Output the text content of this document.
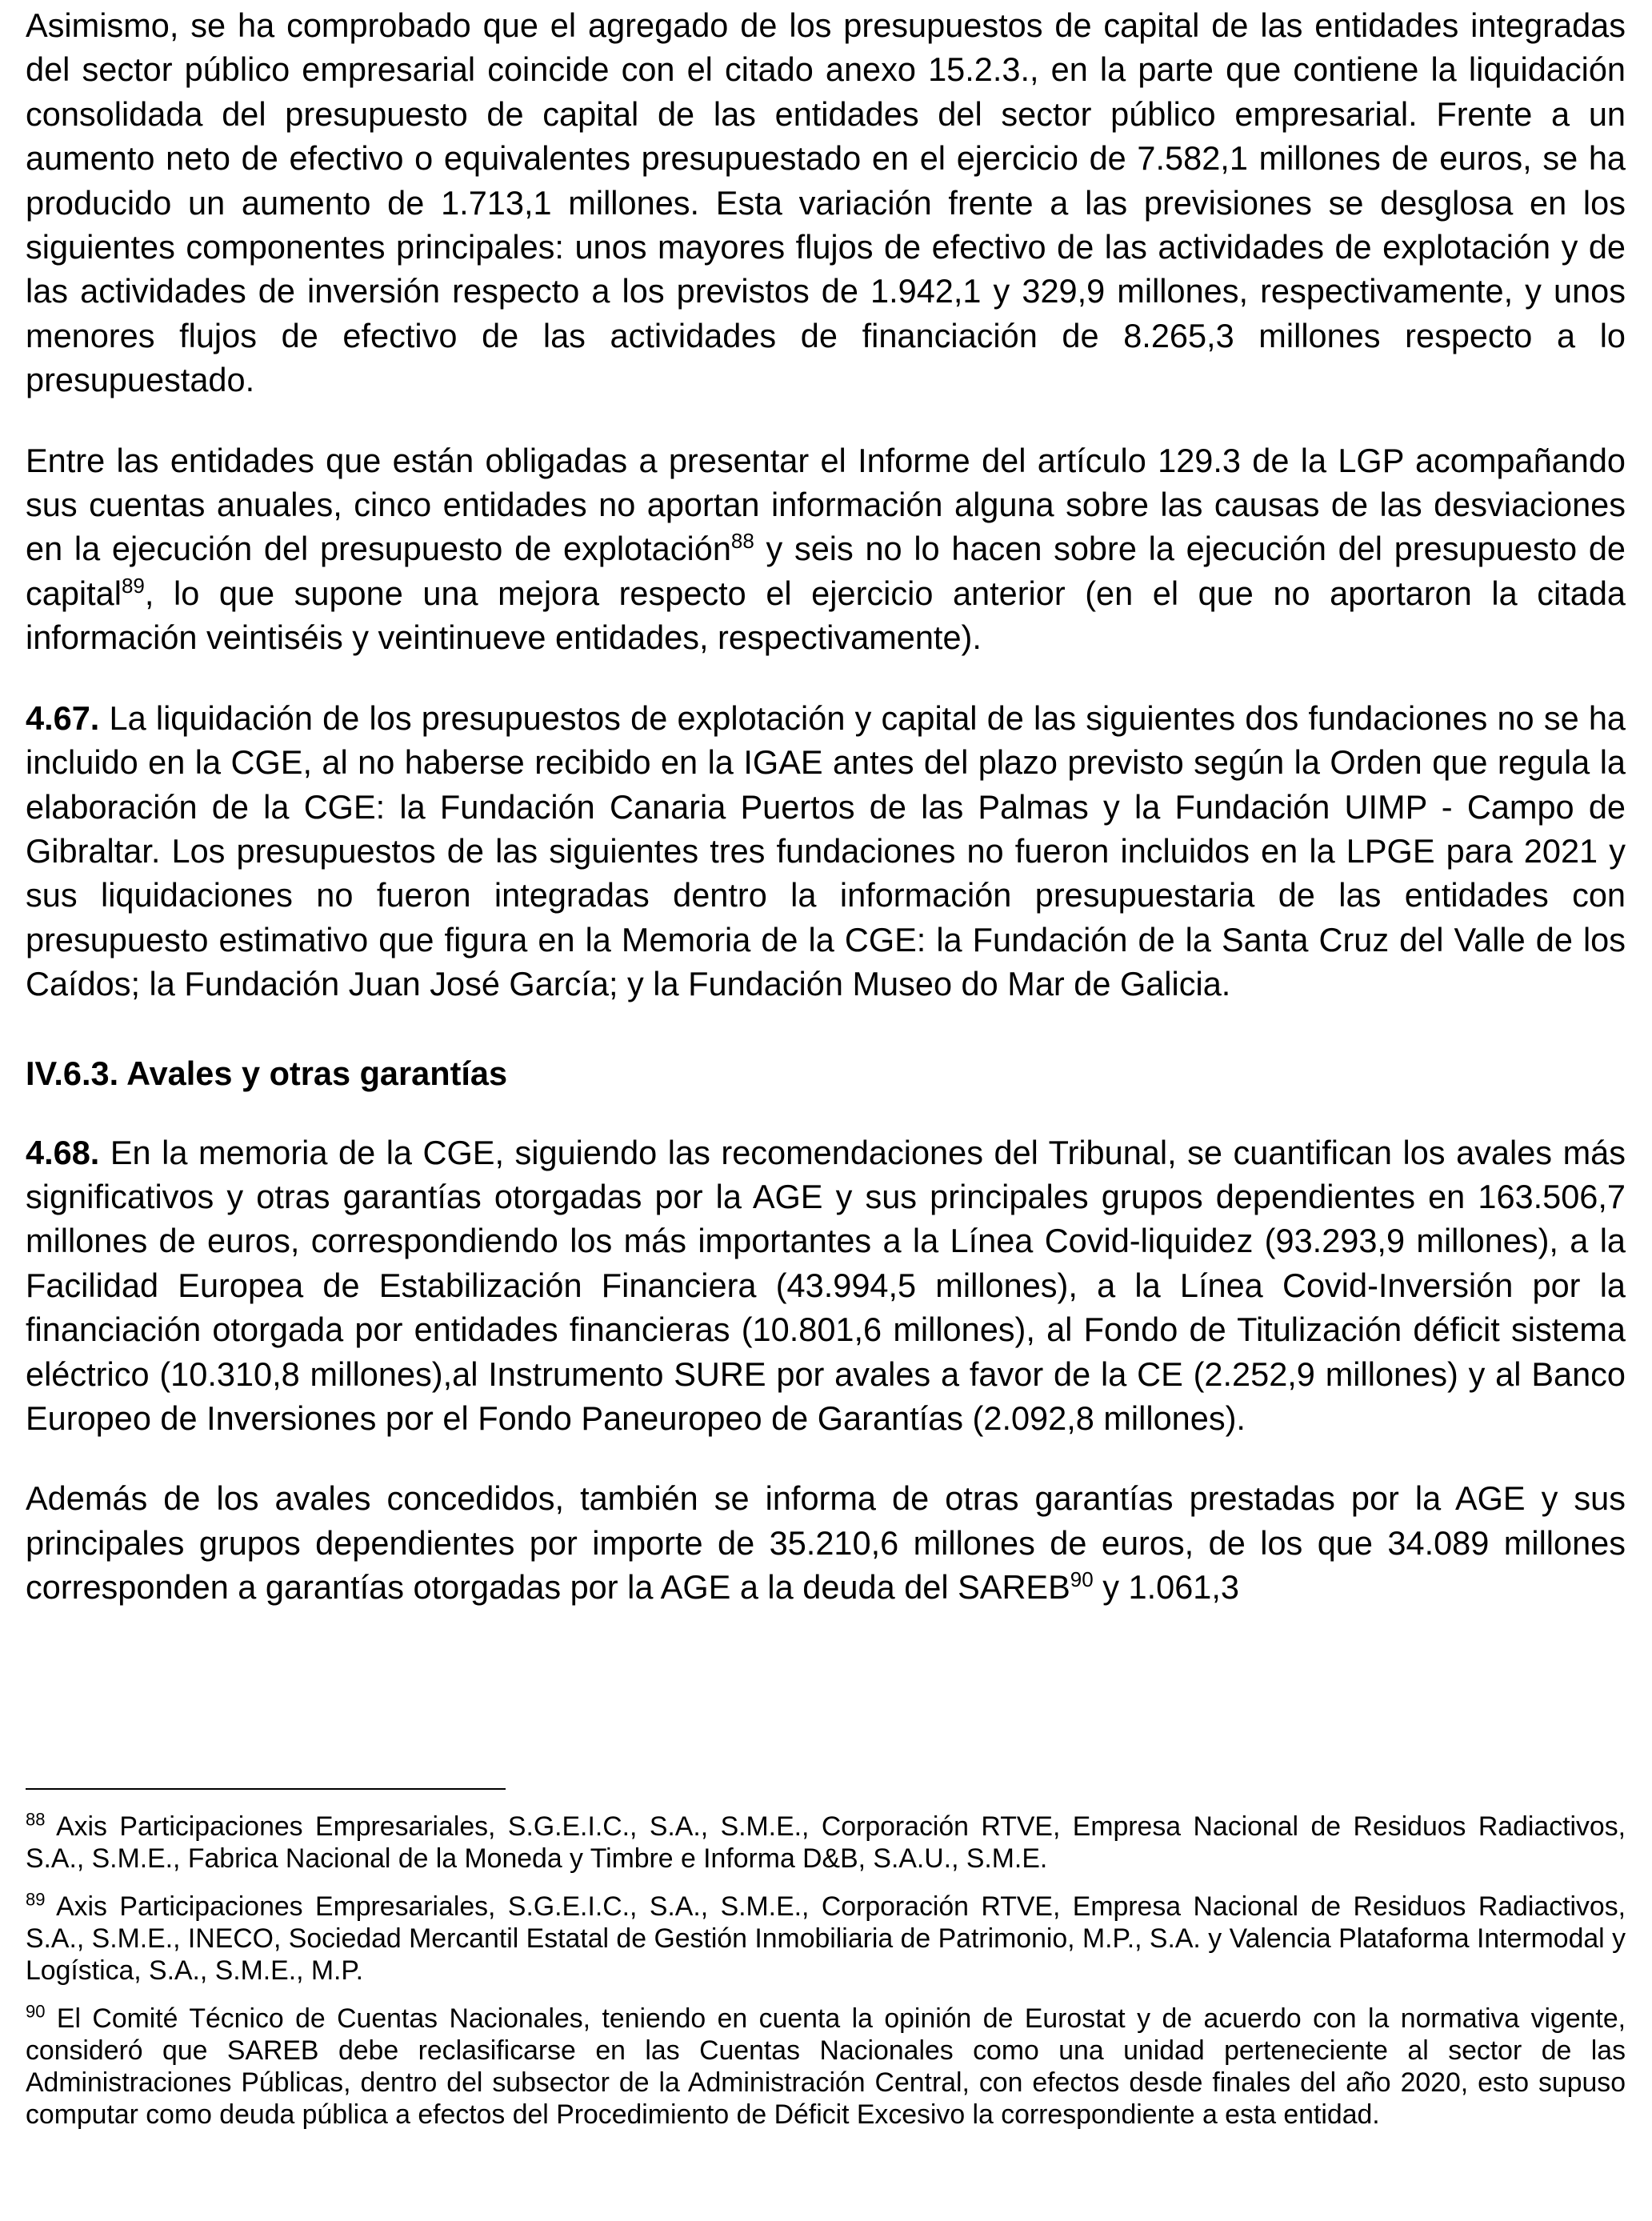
Asimismo, se ha comprobado que el agregado de los presupuestos de capital de las entidades integradas del sector público empresarial coincide con el citado anexo 15.2.3., en la parte que contiene la liquidación consolidada del presupuesto de capital de las entidades del sector público empresarial. Frente a un aumento neto de efectivo o equivalentes presupuestado en el ejercicio de 7.582,1 millones de euros, se ha producido un aumento de 1.713,1 millones. Esta variación frente a las previsiones se desglosa en los siguientes componentes principales: unos mayores flujos de efectivo de las actividades de explotación y de las actividades de inversión respecto a los previstos de 1.942,1 y 329,9 millones, respectivamente, y unos menores flujos de efectivo de las actividades de financiación de 8.265,3 millones respecto a lo presupuestado.

Entre las entidades que están obligadas a presentar el Informe del artículo 129.3 de la LGP acompañando sus cuentas anuales, cinco entidades no aportan información alguna sobre las causas de las desviaciones en la ejecución del presupuesto de explotación$^{88}$ y seis no lo hacen sobre la ejecución del presupuesto de capital$^{89}$, lo que supone una mejora respecto el ejercicio anterior (en el que no aportaron la citada información veintiséis y veintinueve entidades, respectivamente).

4.67. La liquidación de los presupuestos de explotación y capital de las siguientes dos fundaciones no se ha incluido en la CGE, al no haberse recibido en la IGAE antes del plazo previsto según la Orden que regula la elaboración de la CGE: la Fundación Canaria Puertos de las Palmas y la Fundación UIMP - Campo de Gibraltar. Los presupuestos de las siguientes tres fundaciones no fueron incluidos en la LPGE para 2021 y sus liquidaciones no fueron integradas dentro la información presupuestaria de las entidades con presupuesto estimativo que figura en la Memoria de la CGE: la Fundación de la Santa Cruz del Valle de los Caídos; la Fundación Juan José García; y la Fundación Museo do Mar de Galicia.

IV.6.3. Avales y otras garantías

4.68. En la memoria de la CGE, siguiendo las recomendaciones del Tribunal, se cuantifican los avales más significativos y otras garantías otorgadas por la AGE y sus principales grupos dependientes en 163.506,7 millones de euros, correspondiendo los más importantes a la Línea Covid-liquidez (93.293,9 millones), a la Facilidad Europea de Estabilización Financiera (43.994,5 millones), a la Línea Covid-Inversión por la financiación otorgada por entidades financieras (10.801,6 millones), al Fondo de Titulización déficit sistema eléctrico (10.310,8 millones),al Instrumento SURE por avales a favor de la CE (2.252,9 millones) y al Banco Europeo de Inversiones por el Fondo Paneuropeo de Garantías (2.092,8 millones).

Además de los avales concedidos, también se informa de otras garantías prestadas por la AGE y sus principales grupos dependientes por importe de 35.210,6 millones de euros, de los que 34.089 millones corresponden a garantías otorgadas por la AGE a la deuda del SAREB$^{90}$ y 1.061,3

$^{88}$ Axis Participaciones Empresariales, S.G.E.I.C., S.A., S.M.E., Corporación RTVE, Empresa Nacional de Residuos Radiactivos, S.A., S.M.E., Fabrica Nacional de la Moneda y Timbre e Informa D&B, S.A.U., S.M.E.

$^{89}$ Axis Participaciones Empresariales, S.G.E.I.C., S.A., S.M.E., Corporación RTVE, Empresa Nacional de Residuos Radiactivos, S.A., S.M.E., INECO, Sociedad Mercantil Estatal de Gestión Inmobiliaria de Patrimonio, M.P., S.A. y Valencia Plataforma Intermodal y Logística, S.A., S.M.E., M.P.

$^{90}$ El Comité Técnico de Cuentas Nacionales, teniendo en cuenta la opinión de Eurostat y de acuerdo con la normativa vigente, consideró que SAREB debe reclasificarse en las Cuentas Nacionales como una unidad perteneciente al sector de las Administraciones Públicas, dentro del subsector de la Administración Central, con efectos desde finales del año 2020, esto supuso computar como deuda pública a efectos del Procedimiento de Déficit Excesivo la correspondiente a esta entidad.
